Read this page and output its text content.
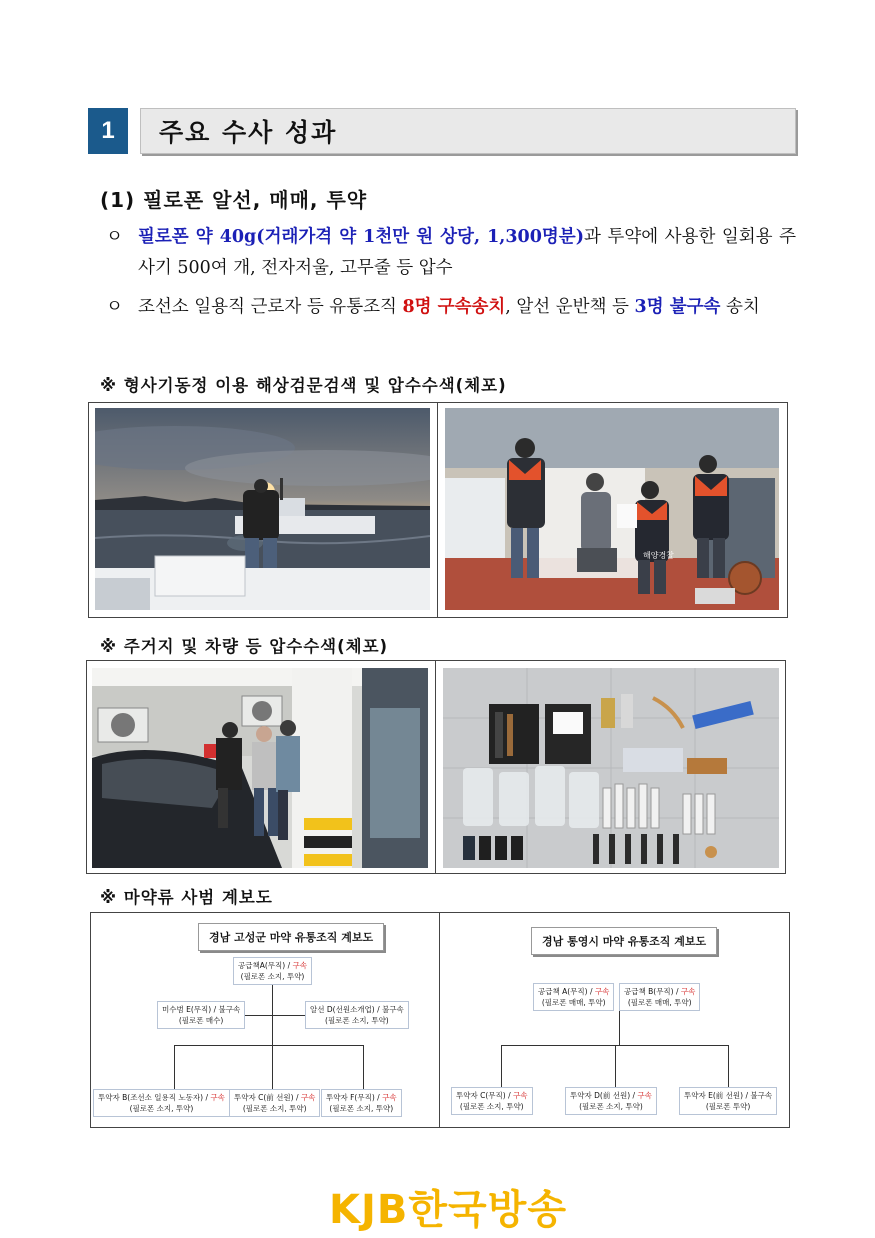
1	주요 수사 성과
(1) 필로폰 알선, 매매, 투약
ㅇ 필로폰 약 40g(거래가격 약 1천만 원 상당, 1,300명분)과 투약에 사용한 일회용 주사기 500여 개, 전자저울, 고무줄 등 압수
ㅇ 조선소 일용직 근로자 등 유통조직 8명 구속송치, 알선 운반책 등 3명 불구속 송치
※ 형사기동정 이용 해상검문검색 및 압수수색(체포)
해양경찰
※ 주거지 및 차량 등 압수수색(체포)
※ 마약류 사범 계보도
경남 고성군 마약 유통조직 계보도
공급책A(무직) / 구속
(필로폰 소지, 투약)
미수범 E(무직) / 불구속
(필로폰 매수)
알선 D(선원소개업) / 불구속
(필로폰 소지, 투약)
투약자 B(조선소 일용직 노동자) / 구속
(필로폰 소지, 투약)
투약자 C(前 선원) / 구속
(필로폰 소지, 투약)
투약자 F(무직) / 구속
(필로폰 소지, 투약)
경남 통영시 마약 유통조직 계보도
공급책 A(무직) / 구속
(필로폰 매매, 투약)
공급책 B(무직) / 구속
(필로폰 매매, 투약)
투약자 C(무직) / 구속
(필로폰 소지, 투약)
투약자 D(前 선원) / 구속
(필로폰 소지, 투약)
투약자 E(前 선원) / 불구속
(필로폰 투약)
KJB한국방송
